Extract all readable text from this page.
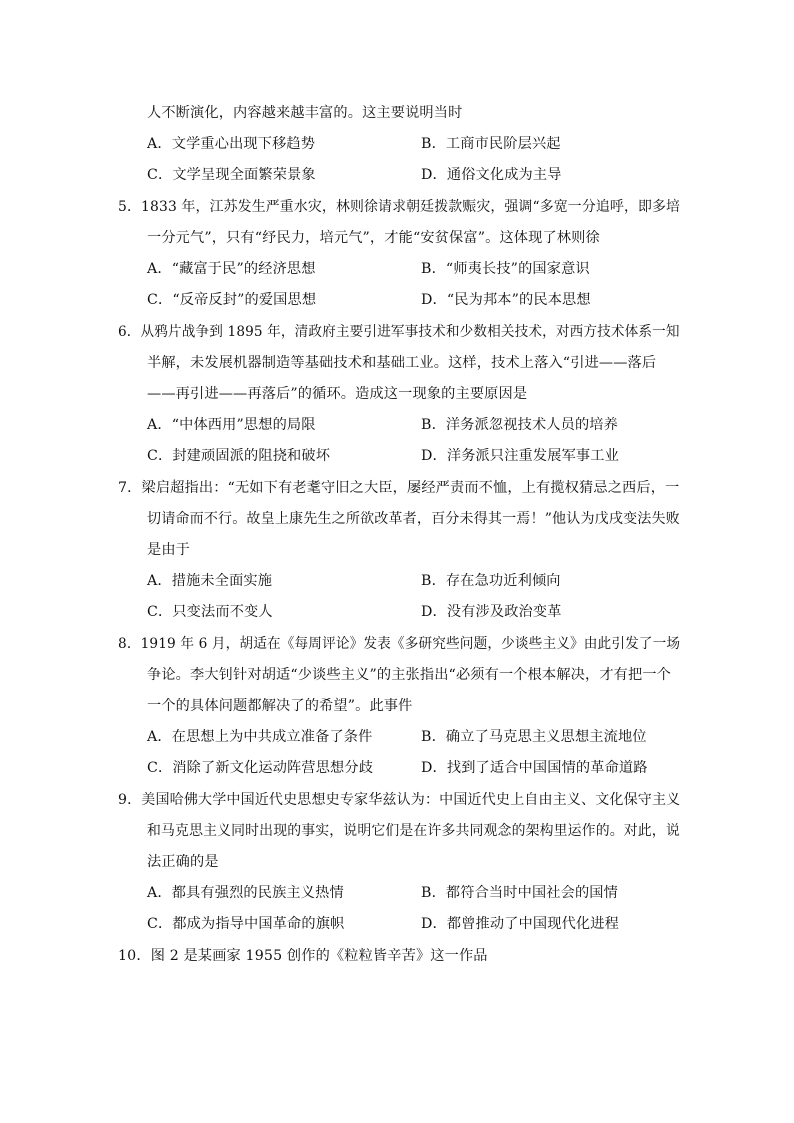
人不断演化，内容越来越丰富的。这主要说明当时
A．文学重心出现下移趋势	B．工商市民阶层兴起
C．文学呈现全面繁荣景象	D．通俗文化成为主导
5．1833 年，江苏发生严重水灾，林则徐请求朝廷拨款赈灾，强调“多宽一分追呼，即多培
一分元气”，只有“纾民力，培元气”，才能“安贫保富”。这体现了林则徐
A．“藏富于民”的经济思想	B．“师夷长技”的国家意识
C．“反帝反封”的爱国思想	D．“民为邦本”的民本思想
6．从鸦片战争到 1895 年，清政府主要引进军事技术和少数相关技术，对西方技术体系一知
半解，未发展机器制造等基础技术和基础工业。这样，技术上落入“引进——落后
——再引进——再落后”的循环。造成这一现象的主要原因是
A．“中体西用”思想的局限	B．洋务派忽视技术人员的培养
C．封建顽固派的阻挠和破坏	D．洋务派只注重发展军事工业
7．梁启超指出：“无如下有老耄守旧之大臣，屡经严责而不恤，上有揽权猜忌之西后，一
切请命而不行。故皇上康先生之所欲改革者，百分未得其一焉！”他认为戊戌变法失败
是由于
A．措施未全面实施	B．存在急功近利倾向
C．只变法而不变人	D．没有涉及政治变革
8．1919 年 6 月，胡适在《每周评论》发表《多研究些问题，少谈些主义》由此引发了一场
争论。李大钊针对胡适“少谈些主义”的主张指出“必须有一个根本解决，才有把一个
一个的具体问题都解决了的希望”。此事件
A．在思想上为中共成立准备了条件	B．确立了马克思主义思想主流地位
C．消除了新文化运动阵营思想分歧	D．找到了适合中国国情的革命道路
9．美国哈佛大学中国近代史思想史专家华兹认为：中国近代史上自由主义、文化保守主义
和马克思主义同时出现的事实，说明它们是在许多共同观念的架构里运作的。对此，说
法正确的是
A．都具有强烈的民族主义热情	B．都符合当时中国社会的国情
C．都成为指导中国革命的旗帜	D．都曾推动了中国现代化进程
10．图 2 是某画家 1955 创作的《粒粒皆辛苦》这一作品
